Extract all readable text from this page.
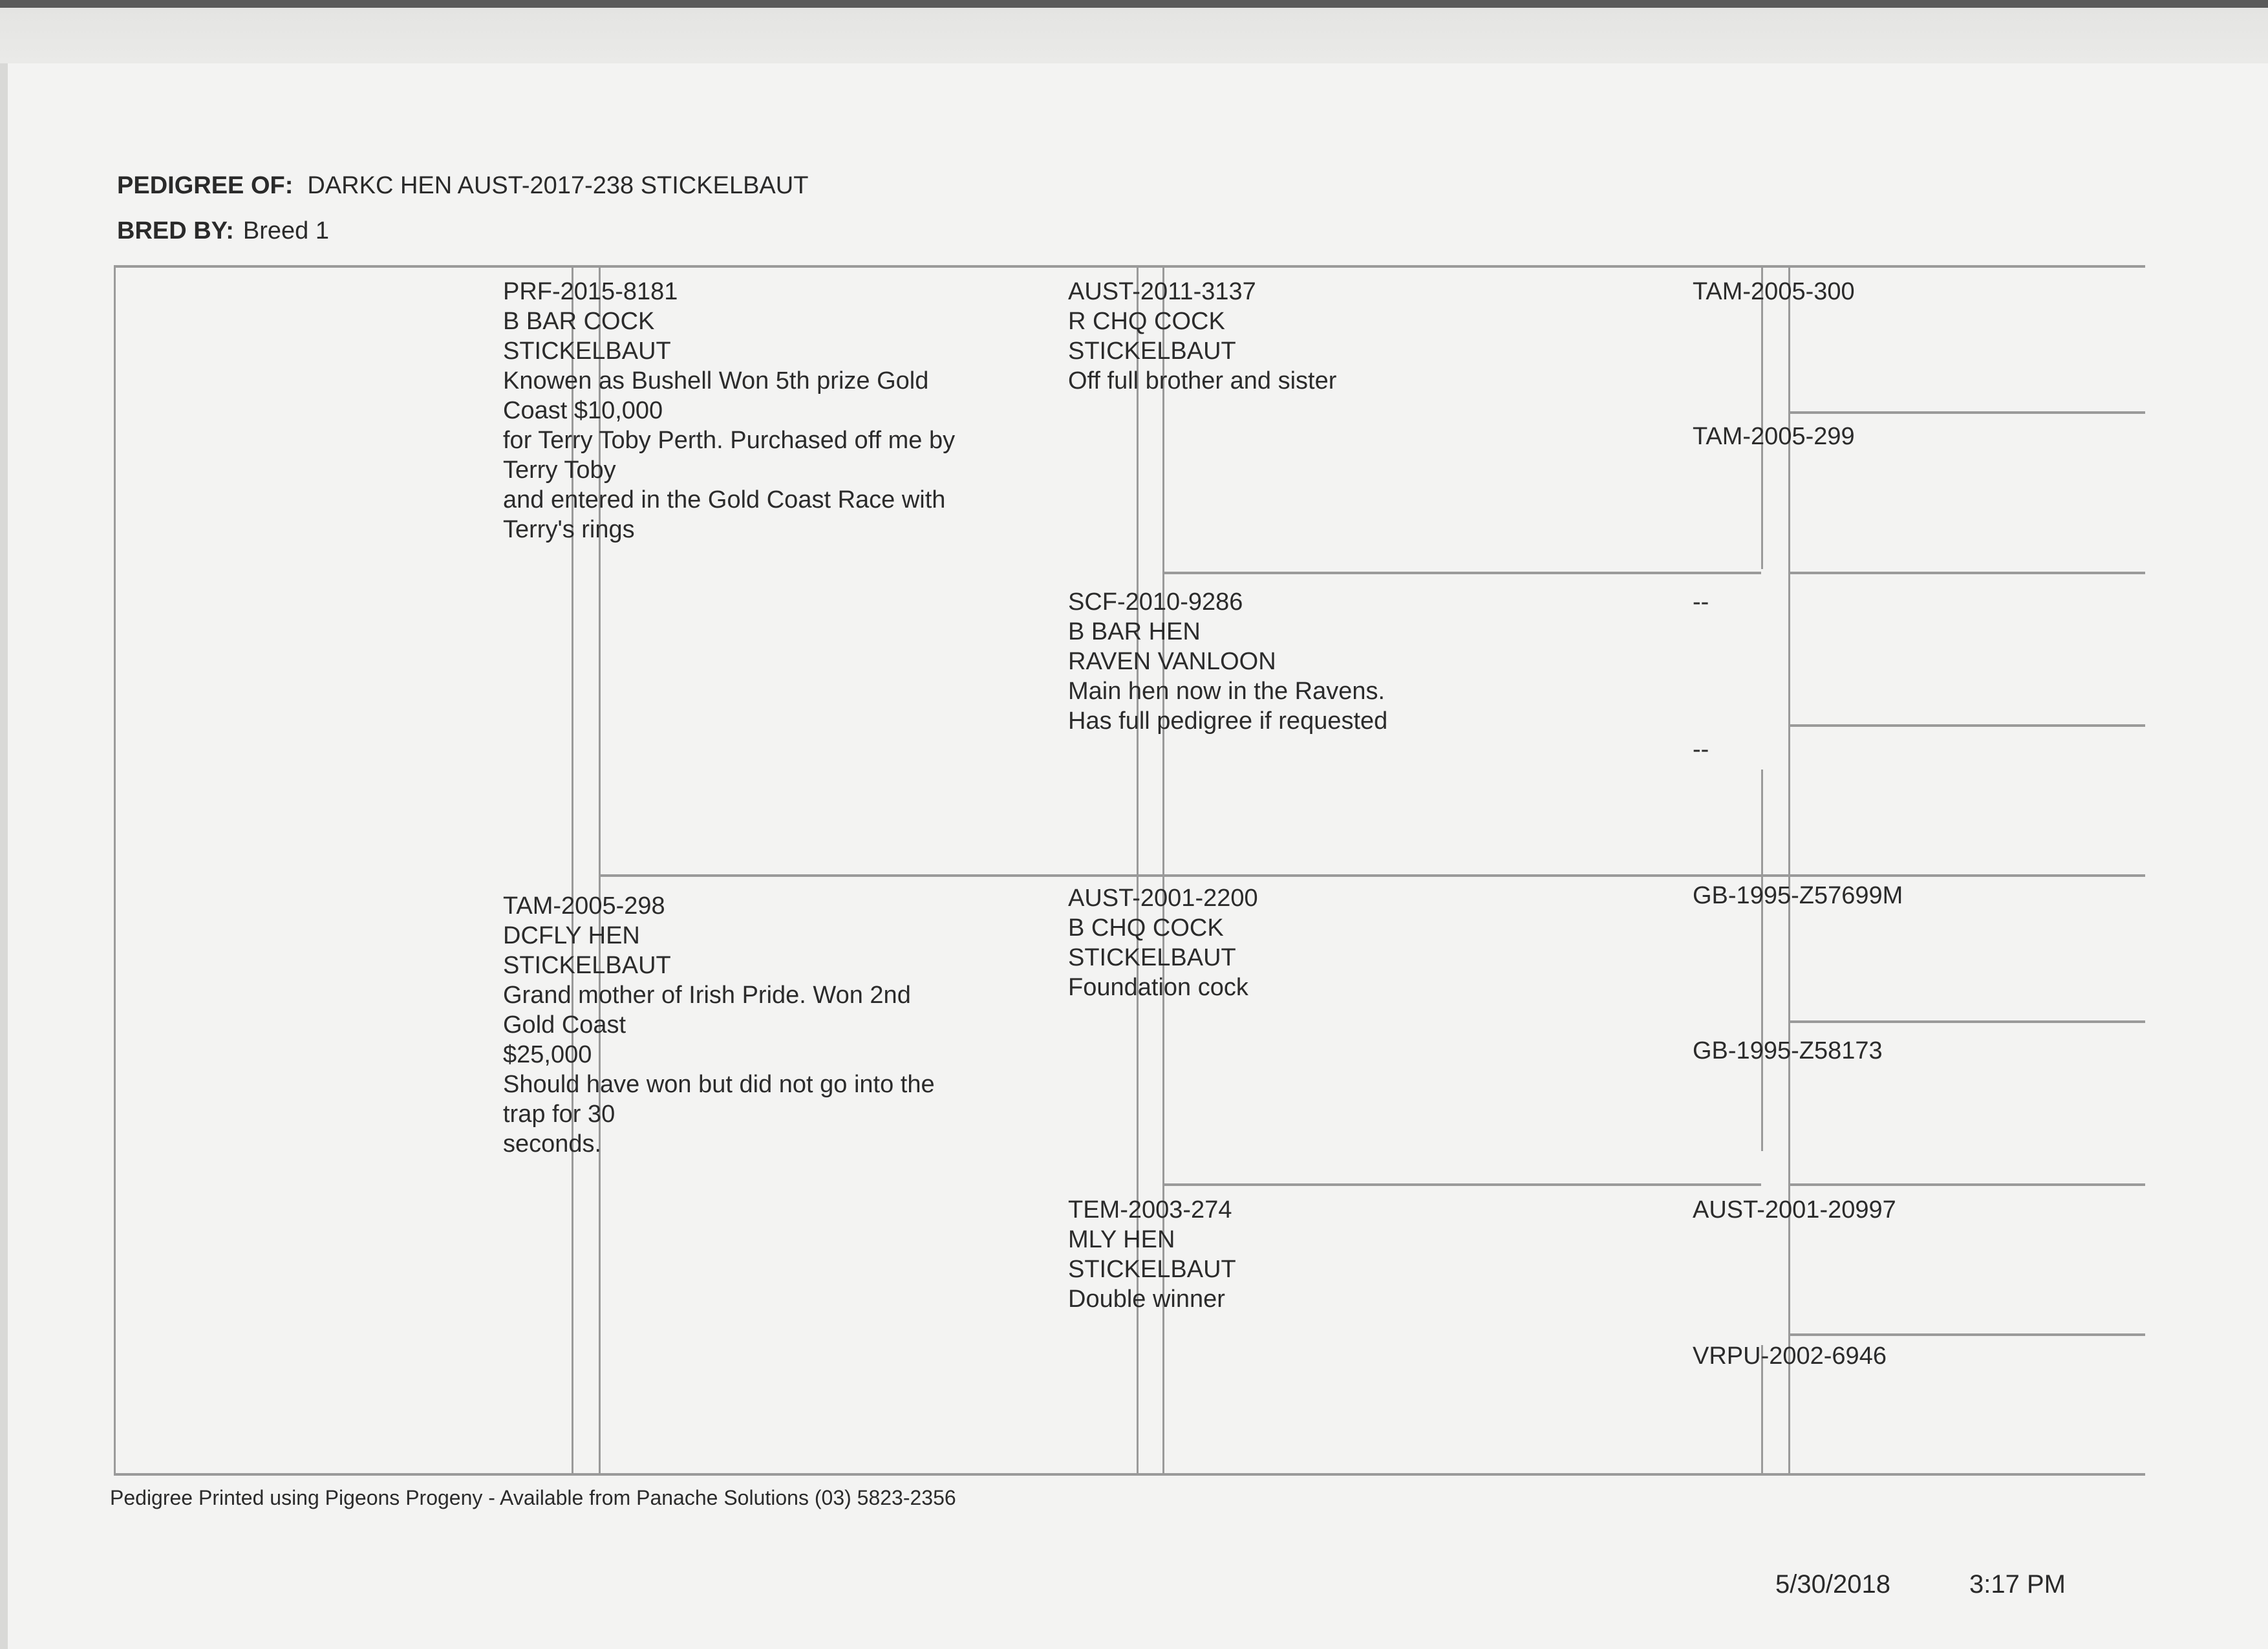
PEDIGREE OF: DARKC HEN AUST-2017-238 STICKELBAUT
BRED BY: Breed 1
PRF-2015-8181
B BAR COCK
STICKELBAUT
Knowen as Bushell Won 5th prize Gold
Coast $10,000
for Terry Toby Perth. Purchased off me by
Terry Toby
and entered in the Gold Coast Race with
Terry's rings
TAM-2005-298
DCFLY HEN
STICKELBAUT
Grand mother of Irish Pride. Won 2nd
Gold Coast
$25,000
Should have won but did not go into the
trap for 30
seconds.
AUST-2011-3137
R CHQ COCK
STICKELBAUT
Off full brother and sister
SCF-2010-9286
B BAR HEN
RAVEN VANLOON
Main hen now in the Ravens.
Has full pedigree if requested
AUST-2001-2200
B CHQ COCK
STICKELBAUT
Foundation cock
TEM-2003-274
MLY HEN
STICKELBAUT
Double winner
TAM-2005-300
TAM-2005-299
--
--
GB-1995-Z57699M
GB-1995-Z58173
AUST-2001-20997
VRPU-2002-6946
Pedigree Printed using Pigeons Progeny - Available from Panache Solutions (03) 5823-2356
5/30/2018	3:17 PM
